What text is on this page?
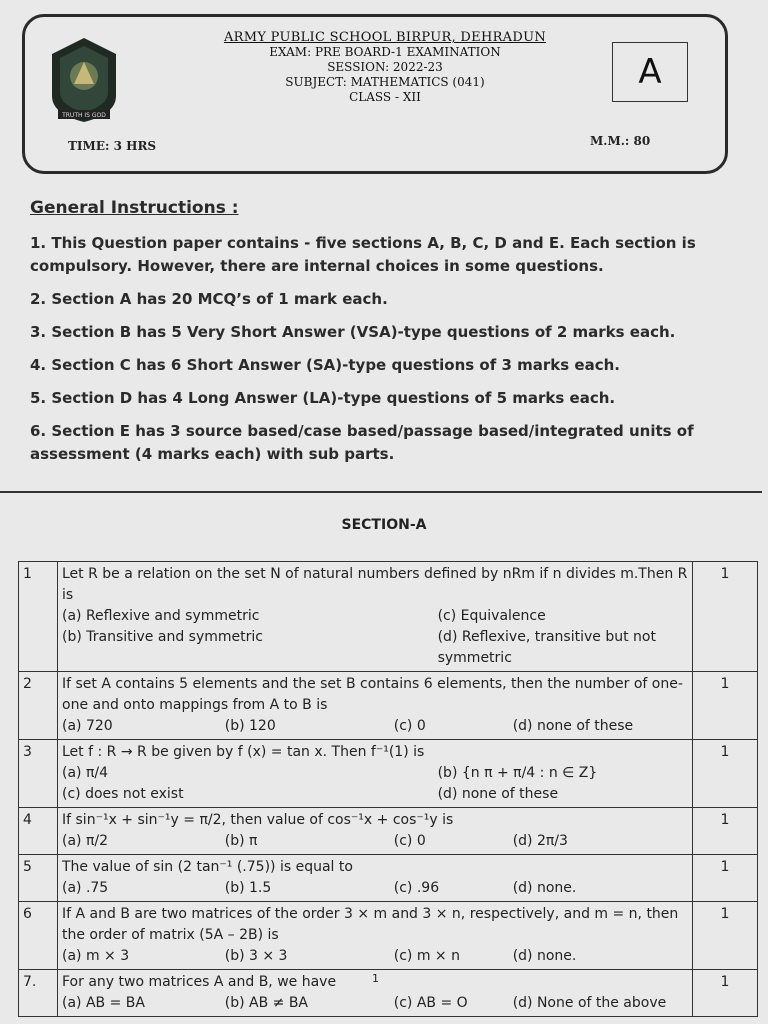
TRUTH IS GOD
ARMY PUBLIC SCHOOL BIRPUR, DEHRADUN
EXAM: PRE BOARD-1 EXAMINATION
SESSION: 2022-23
SUBJECT: MATHEMATICS (041)
CLASS - XII
A
TIME: 3 HRS	M.M.: 80
General Instructions :
1. This Question paper contains - five sections A, B, C, D and E. Each section is compulsory. However, there are internal choices in some questions.
2. Section A has 20 MCQ’s of 1 mark each.
3. Section B has 5 Very Short Answer (VSA)-type questions of 2 marks each.
4. Section C has 6 Short Answer (SA)-type questions of 3 marks each.
5. Section D has 4 Long Answer (LA)-type questions of 5 marks each.
6. Section E has 3 source based/case based/passage based/integrated units of assessment (4 marks each) with sub parts.
SECTION-A
1	Let R be a relation on the set N of natural numbers defined by nRm if n divides m.Then R is
(a) Reflexive and symmetric (c) Equivalence
(b) Transitive and symmetric (d) Reflexive, transitive but not symmetric	1
2	If set A contains 5 elements and the set B contains 6 elements, then the number of one-one and onto mappings from A to B is
(a) 720 (b) 120 (c) 0 (d) none of these	1
3	Let f : R → R be given by f (x) = tan x. Then f⁻¹(1) is
(a) π/4 (b) {n π + π/4 : n ∈ Z}
(c) does not exist (d) none of these	1
4	If sin⁻¹x + sin⁻¹y = π/2, then value of cos⁻¹x + cos⁻¹y is
(a) π/2 (b) π (c) 0 (d) 2π/3	1
5	The value of sin (2 tan⁻¹ (.75)) is equal to
(a) .75 (b) 1.5 (c) .96 (d) none.	1
6	If A and B are two matrices of the order 3 × m and 3 × n, respectively, and m = n, then the order of matrix (5A – 2B) is
(a) m × 3 (b) 3 × 3 (c) m × n (d) none.	1
7.	For any two matrices A and B, we have
(a) AB = BA (b) AB ≠ BA (c) AB = O (d) None of the above	1
1
